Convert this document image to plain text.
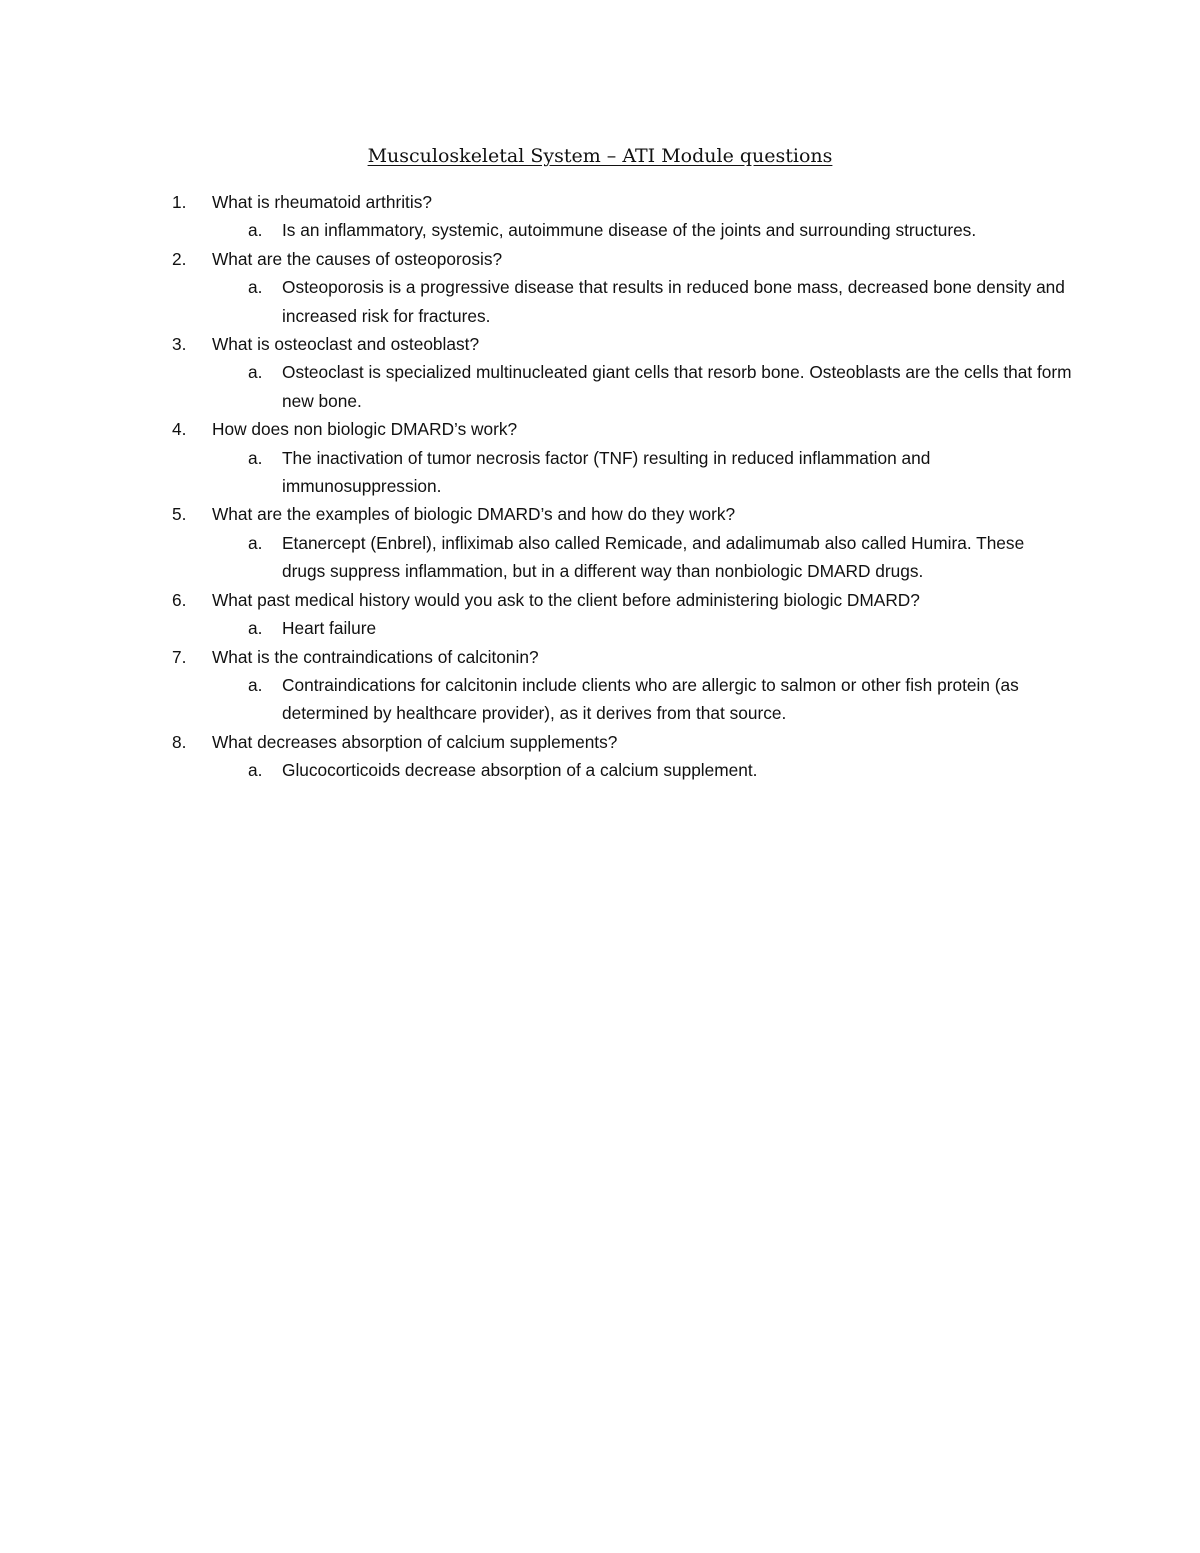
Musculoskeletal System – ATI Module questions
1.	What is rheumatoid arthritis?
a.	Is an inflammatory, systemic, autoimmune disease of the joints and surrounding structures.
2.	What are the causes of osteoporosis?
a.	Osteoporosis is a progressive disease that results in reduced bone mass, decreased bone density and increased risk for fractures.
3.	What is osteoclast and osteoblast?
a.	Osteoclast is specialized multinucleated giant cells that resorb bone. Osteoblasts are the cells that form new bone.
4.	How does non biologic DMARD’s work?
a.	The inactivation of tumor necrosis factor (TNF) resulting in reduced inflammation and immunosuppression.
5.	What are the examples of biologic DMARD’s and how do they work?
a.	Etanercept (Enbrel), infliximab also called Remicade, and adalimumab also called Humira. These drugs suppress inflammation, but in a different way than nonbiologic DMARD drugs.
6.	What past medical history would you ask to the client before administering biologic DMARD?
a.	Heart failure
7.	What is the contraindications of calcitonin?
a.	Contraindications for calcitonin include clients who are allergic to salmon or other fish protein (as determined by healthcare provider), as it derives from that source.
8.	What decreases absorption of calcium supplements?
a.	Glucocorticoids decrease absorption of a calcium supplement.
